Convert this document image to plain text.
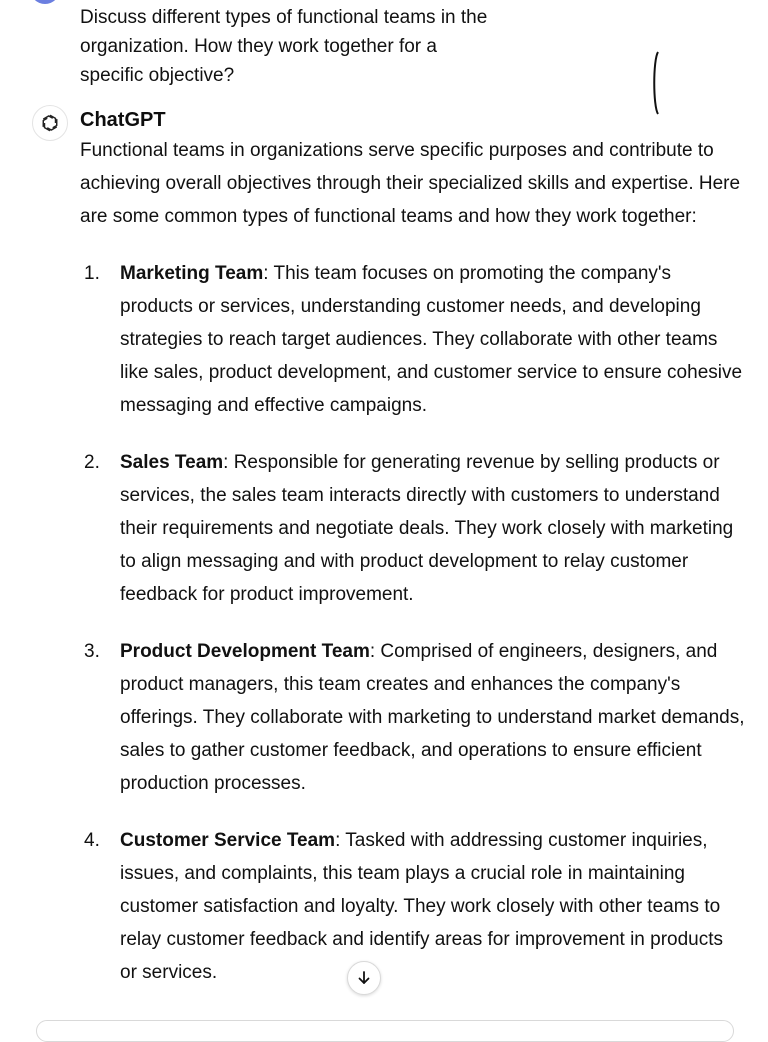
Discuss different types of functional teams in the organization. How they work together for a specific objective?
ChatGPT

Functional teams in organizations serve specific purposes and contribute to achieving overall objectives through their specialized skills and expertise. Here are some common types of functional teams and how they work together:

1.	Marketing Team: This team focuses on promoting the company's products or services, understanding customer needs, and developing strategies to reach target audiences. They collaborate with other teams like sales, product development, and customer service to ensure cohesive messaging and effective campaigns.
2.	Sales Team: Responsible for generating revenue by selling products or services, the sales team interacts directly with customers to understand their requirements and negotiate deals. They work closely with marketing to align messaging and with product development to relay customer feedback for product improvement.
3.	Product Development Team: Comprised of engineers, designers, and product managers, this team creates and enhances the company's offerings. They collaborate with marketing to understand market demands, sales to gather customer feedback, and operations to ensure efficient production processes.
4.	Customer Service Team: Tasked with addressing customer inquiries, issues, and complaints, this team plays a crucial role in maintaining customer satisfaction and loyalty. They work closely with other teams to relay customer feedback and identify areas for improvement in products or services.
